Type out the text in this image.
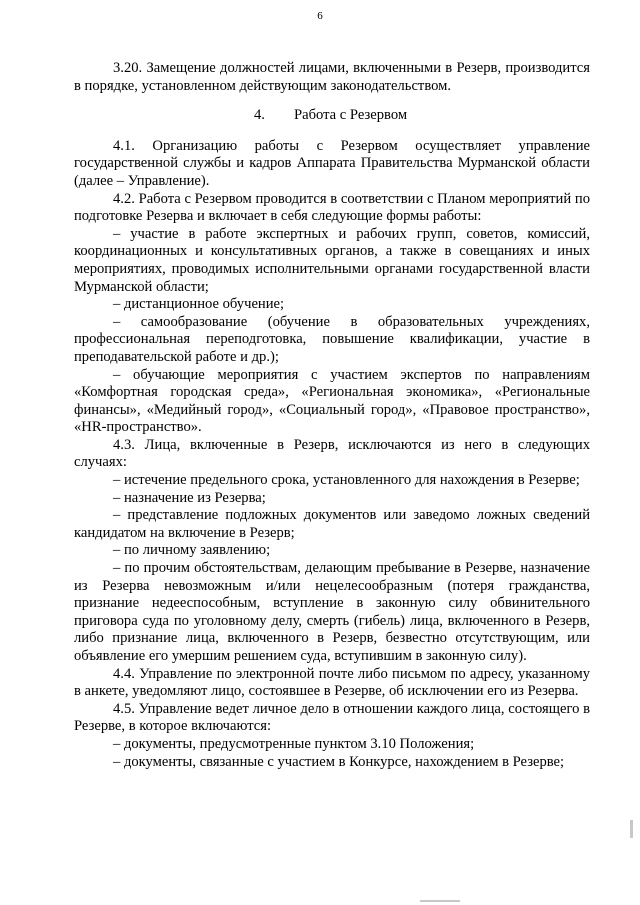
6

3.20. Замещение должностей лицами, включенными в Резерв, производится в порядке, установленном действующим законодательством.

4. Работа с Резервом

4.1. Организацию работы с Резервом осуществляет управление государственной службы и кадров Аппарата Правительства Мурманской области (далее – Управление).

4.2. Работа с Резервом проводится в соответствии с Планом мероприятий по подготовке Резерва и включает в себя следующие формы работы:

– участие в работе экспертных и рабочих групп, советов, комиссий, координационных и консультативных органов, а также в совещаниях и иных мероприятиях, проводимых исполнительными органами государственной власти Мурманской области;

– дистанционное обучение;

– самообразование (обучение в образовательных учреждениях, профессиональная переподготовка, повышение квалификации, участие в преподавательской работе и др.);

– обучающие мероприятия с участием экспертов по направлениям «Комфортная городская среда», «Региональная экономика», «Региональные финансы», «Медийный город», «Социальный город», «Правовое пространство», «HR-пространство».

4.3. Лица, включенные в Резерв, исключаются из него в следующих случаях:

– истечение предельного срока, установленного для нахождения в Резерве;

– назначение из Резерва;

– представление подложных документов или заведомо ложных сведений кандидатом на включение в Резерв;

– по личному заявлению;

– по прочим обстоятельствам, делающим пребывание в Резерве, назначение из Резерва невозможным и/или нецелесообразным (потеря гражданства, признание недееспособным, вступление в законную силу обвинительного приговора суда по уголовному делу, смерть (гибель) лица, включенного в Резерв, либо признание лица, включенного в Резерв, безвестно отсутствующим, или объявление его умершим решением суда, вступившим в законную силу).

4.4. Управление по электронной почте либо письмом по адресу, указанному в анкете, уведомляют лицо, состоявшее в Резерве, об исключении его из Резерва.

4.5. Управление ведет личное дело в отношении каждого лица, состоящего в Резерве, в которое включаются:

– документы, предусмотренные пунктом 3.10 Положения;

– документы, связанные с участием в Конкурсе, нахождением в Резерве;
